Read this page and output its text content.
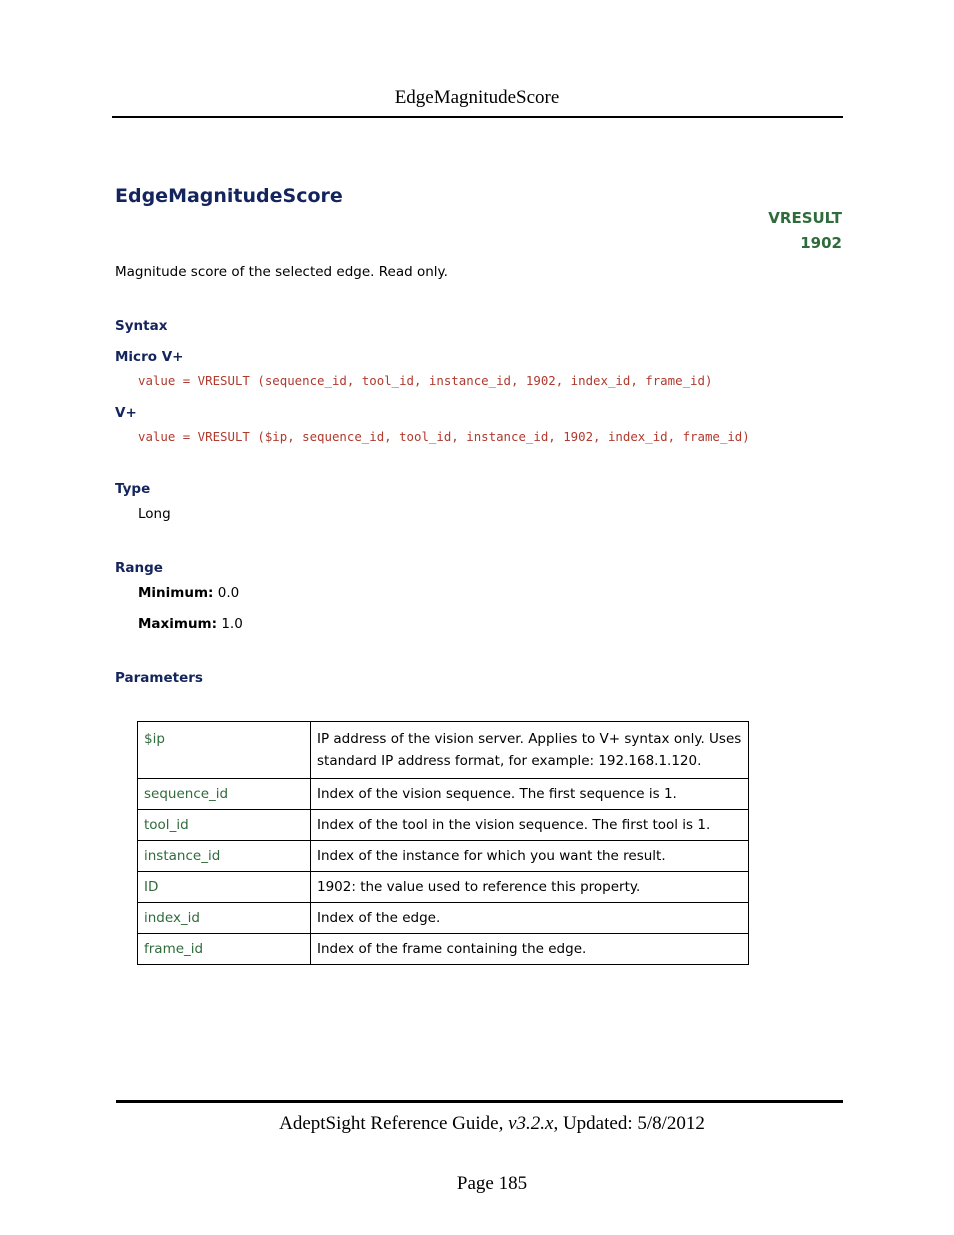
EdgeMagnitudeScore
EdgeMagnitudeScore
VRESULT
1902
Magnitude score of the selected edge. Read only.
Syntax
Micro V+
value = VRESULT (sequence_id, tool_id, instance_id, 1902, index_id, frame_id)
V+
value = VRESULT ($ip, sequence_id, tool_id, instance_id, 1902, index_id, frame_id)
Type
Long
Range
Minimum: 0.0
Maximum: 1.0
Parameters
$ip	IP address of the vision server. Applies to V+ syntax only. Uses standard IP address format, for example: 192.168.1.120.
sequence_id	Index of the vision sequence. The first sequence is 1.
tool_id	Index of the tool in the vision sequence. The first tool is 1.
instance_id	Index of the instance for which you want the result.
ID	1902: the value used to reference this property.
index_id	Index of the edge.
frame_id	Index of the frame containing the edge.
AdeptSight Reference Guide, v3.2.x, Updated: 5/8/2012
Page 185
